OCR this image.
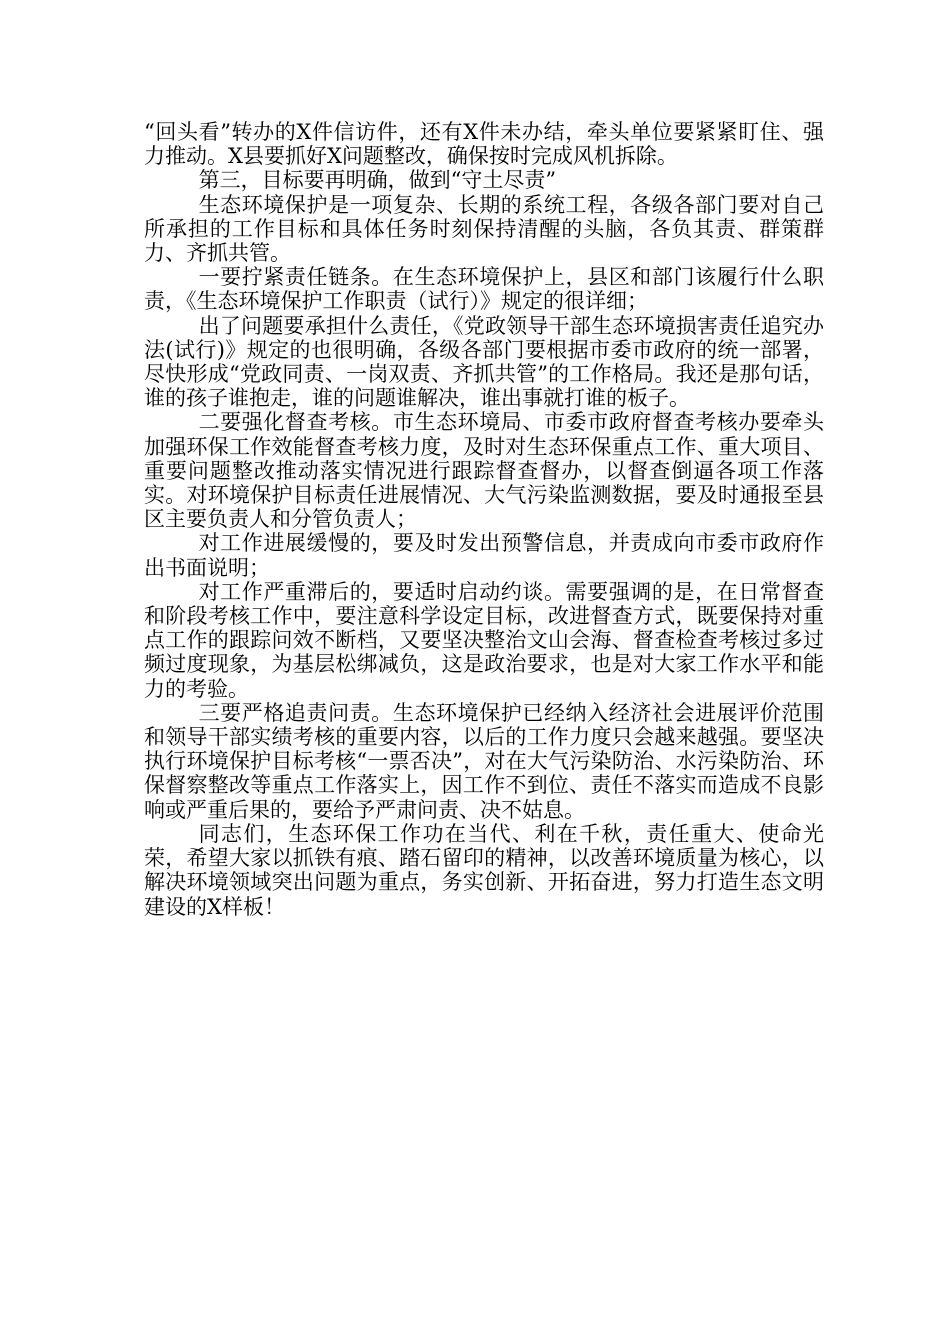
“回头看”转办的X件信访件，还有X件未办结，牵头单位要紧紧盯住、强力推动。X县要抓好X问题整改，确保按时完成风机拆除。

第三，目标要再明确，做到“守土尽责”

生态环境保护是一项复杂、长期的系统工程，各级各部门要对自己所承担的工作目标和具体任务时刻保持清醒的头脑，各负其责、群策群力、齐抓共管。

一要拧紧责任链条。在生态环境保护上，县区和部门该履行什么职责，《生态环境保护工作职责（试行）》规定的很详细；

出了问题要承担什么责任，《党政领导干部生态环境损害责任追究办法(试行)》规定的也很明确，各级各部门要根据市委市政府的统一部署，尽快形成“党政同责、一岗双责、齐抓共管”的工作格局。我还是那句话，谁的孩子谁抱走，谁的问题谁解决，谁出事就打谁的板子。

二要强化督查考核。市生态环境局、市委市政府督查考核办要牵头加强环保工作效能督查考核力度，及时对生态环保重点工作、重大项目、重要问题整改推动落实情况进行跟踪督查督办，以督查倒逼各项工作落实。对环境保护目标责任进展情况、大气污染监测数据，要及时通报至县区主要负责人和分管负责人；

对工作进展缓慢的，要及时发出预警信息，并责成向市委市政府作出书面说明；

对工作严重滞后的，要适时启动约谈。需要强调的是，在日常督查和阶段考核工作中，要注意科学设定目标，改进督查方式，既要保持对重点工作的跟踪问效不断档，又要坚决整治文山会海、督查检查考核过多过频过度现象，为基层松绑减负，这是政治要求，也是对大家工作水平和能力的考验。

三要严格追责问责。生态环境保护已经纳入经济社会进展评价范围和领导干部实绩考核的重要内容，以后的工作力度只会越来越强。要坚决执行环境保护目标考核“一票否决”，对在大气污染防治、水污染防治、环保督察整改等重点工作落实上，因工作不到位、责任不落实而造成不良影响或严重后果的，要给予严肃问责、决不姑息。

同志们，生态环保工作功在当代、利在千秋，责任重大、使命光荣，希望大家以抓铁有痕、踏石留印的精神，以改善环境质量为核心，以解决环境领域突出问题为重点，务实创新、开拓奋进，努力打造生态文明建设的X样板！
